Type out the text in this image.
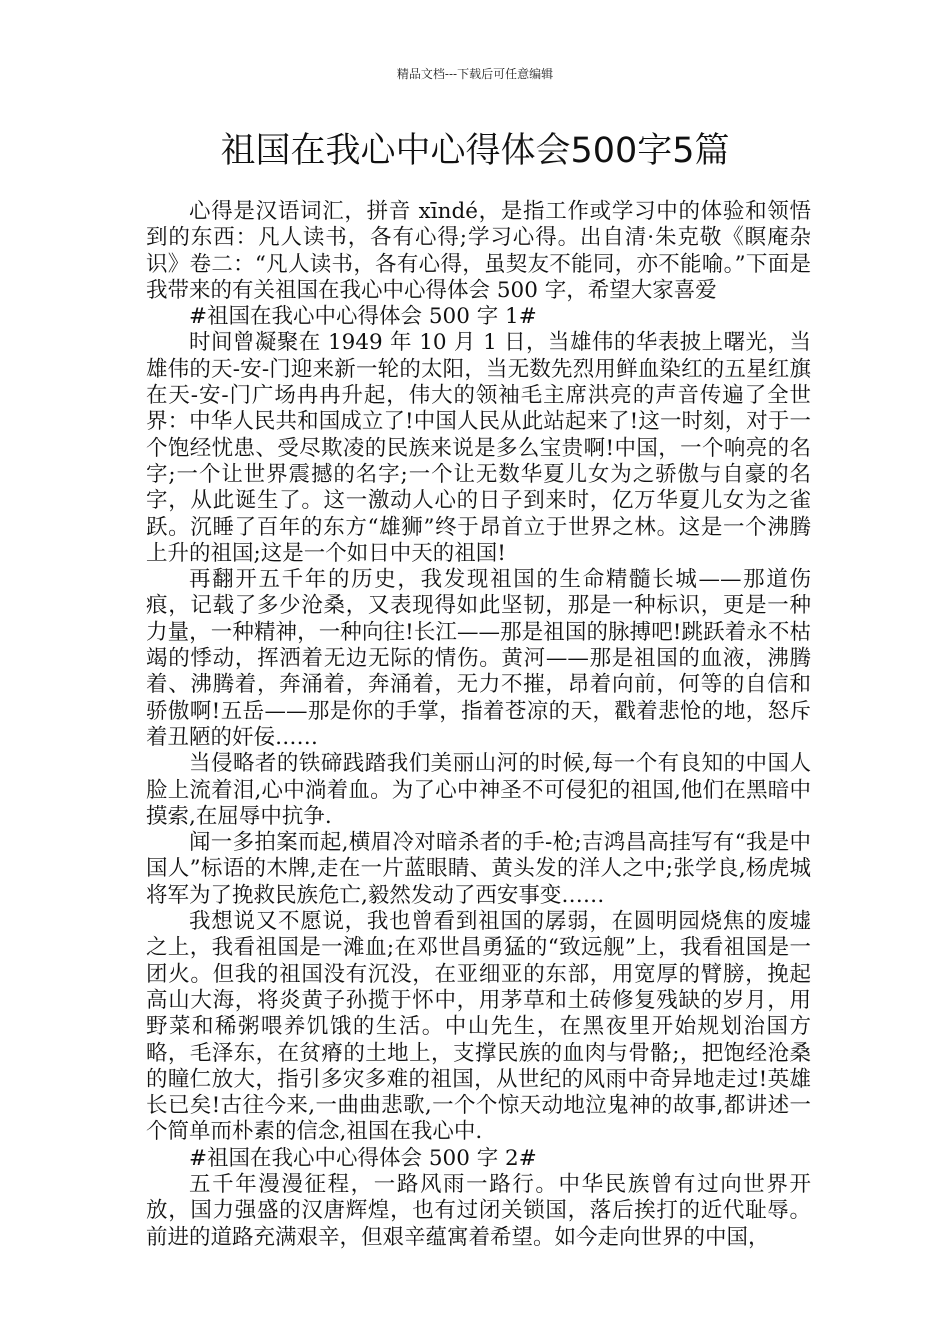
精品文档---下载后可任意编辑
祖国在我心中心得体会500字5篇

心得是汉语词汇，拼音 xīndé，是指工作或学习中的体验和领悟到的东西：凡人读书，各有心得;学习心得。出自清·朱克敬《瞑庵杂识》卷二：“凡人读书，各有心得，虽契友不能同，亦不能喻。”下面是我带来的有关祖国在我心中心得体会 500 字，希望大家喜爱

#祖国在我心中心得体会 500 字 1#

时间曾凝聚在 1949 年 10 月 1 日，当雄伟的华表披上曙光，当雄伟的天-安-门迎来新一轮的太阳，当无数先烈用鲜血染红的五星红旗在天-安-门广场冉冉升起，伟大的领袖毛主席洪亮的声音传遍了全世界：中华人民共和国成立了!中国人民从此站起来了!这一时刻，对于一个饱经忧患、受尽欺凌的民族来说是多么宝贵啊!中国，一个响亮的名字;一个让世界震撼的名字;一个让无数华夏儿女为之骄傲与自豪的名字，从此诞生了。这一激动人心的日子到来时，亿万华夏儿女为之雀跃。沉睡了百年的东方“雄狮”终于昂首立于世界之林。这是一个沸腾上升的祖国;这是一个如日中天的祖国!

再翻开五千年的历史，我发现祖国的生命精髓长城——那道伤痕，记载了多少沧桑，又表现得如此坚韧，那是一种标识，更是一种力量，一种精神，一种向往!长江——那是祖国的脉搏吧!跳跃着永不枯竭的悸动，挥洒着无边无际的情伤。黄河——那是祖国的血液，沸腾着、沸腾着，奔涌着，奔涌着，无力不摧，昂着向前，何等的自信和骄傲啊!五岳——那是你的手掌，指着苍凉的天，戳着悲怆的地，怒斥着丑陋的奸佞……

当侵略者的铁碲践踏我们美丽山河的时候,每一个有良知的中国人脸上流着泪,心中淌着血。为了心中神圣不可侵犯的祖国,他们在黑暗中摸索,在屈辱中抗争.

闻一多拍案而起,横眉冷对暗杀者的手-枪;吉鸿昌高挂写有“我是中国人”标语的木牌,走在一片蓝眼睛、黄头发的洋人之中;张学良,杨虎城将军为了挽救民族危亡,毅然发动了西安事变……

我想说又不愿说，我也曾看到祖国的孱弱，在圆明园烧焦的废墟之上，我看祖国是一滩血;在邓世昌勇猛的“致远舰”上，我看祖国是一团火。但我的祖国没有沉没，在亚细亚的东部，用宽厚的臂膀，挽起高山大海，将炎黄子孙揽于怀中，用茅草和土砖修复残缺的岁月，用野菜和稀粥喂养饥饿的生活。中山先生，在黑夜里开始规划治国方略，毛泽东，在贫瘠的土地上，支撑民族的血肉与骨骼;，把饱经沧桑的瞳仁放大，指引多灾多难的祖国，从世纪的风雨中奇异地走过!英雄长已矣!古往今来,一曲曲悲歌,一个个惊天动地泣鬼神的故事,都讲述一个简单而朴素的信念,祖国在我心中.

#祖国在我心中心得体会 500 字 2#

五千年漫漫征程，一路风雨一路行。中华民族曾有过向世界开放，国力强盛的汉唐辉煌，也有过闭关锁国，落后挨打的近代耻辱。前进的道路充满艰辛，但艰辛蕴寓着希望。如今走向世界的中国，
